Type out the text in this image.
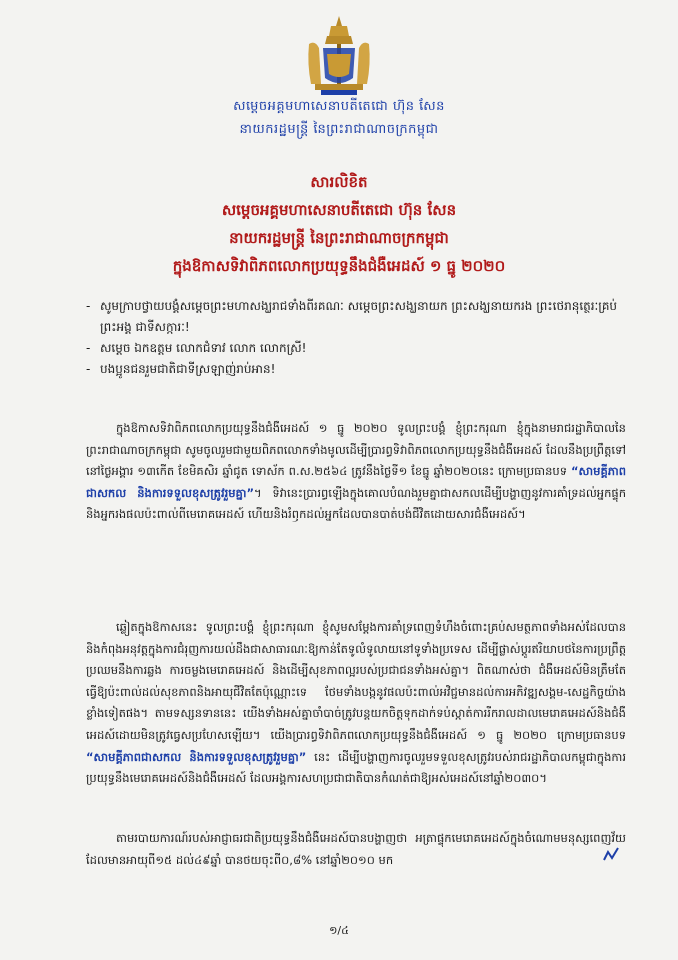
សម្តេចអគ្គមហាសេនាបតីតេជោ ហ៊ុន សែន
នាយករដ្ឋមន្ត្រី នៃព្រះរាជាណាចក្រកម្ពុជា
សារលិខិត
សម្តេចអគ្គមហាសេនាបតីតេជោ ហ៊ុន សែន
នាយករដ្ឋមន្ត្រី នៃព្រះរាជាណាចក្រកម្ពុជា
ក្នុងឱកាសទិវាពិភពលោកប្រយុទ្ធនឹងជំងឺអេដស៍ ១ ធ្នូ ២០២០
- សូមក្រាបថ្វាយបង្គំសម្តេចព្រះមហាសង្ឃរាជទាំងពីរគណៈ សម្តេចព្រះសង្ឃនាយក ព្រះសង្ឃនាយករង ព្រះថេរានុត្ថេរៈគ្រប់ព្រះអង្គ ជាទីសក្ការៈ!
- សម្តេច ឯកឧត្តម លោកជំទាវ លោក លោកស្រី!
- បងប្អូនជនរួមជាតិជាទីស្រឡាញ់រាប់អាន!

ក្នុងឱកាសទិវាពិភពលោកប្រយុទ្ធនឹងជំងឺអេដស៍ ១ ធ្នូ ២០២០ ទូលព្រះបង្គំ ខ្ញុំព្រះករុណា ខ្ញុំក្នុងនាមរាជរដ្ឋាភិបាលនៃព្រះរាជាណាចក្រកម្ពុជា សូមចូលរួមជាមួយពិភពលោកទាំងមូលដើម្បីប្រារព្ធទិវាពិភពលោកប្រយុទ្ធនឹងជំងឺអេដស៍ ដែលនឹងប្រព្រឹត្តទៅនៅថ្ងៃអង្គារ ១៣កើត ខែមិគសិរ ឆ្នាំជូត ទោស័ក ព.ស.២៥៦៤ ត្រូវនឹងថ្ងៃទី១ ខែធ្នូ ឆ្នាំ២០២០នេះ ក្រោមប្រធានបទ “សាមគ្គីភាពជាសកល និងការទទួលខុសត្រូវរួមគ្នា”។ ទិវានេះប្រារព្ធឡើងក្នុងគោលបំណងរួមគ្នាជាសកលដើម្បីបង្ហាញនូវការគាំទ្រដល់អ្នកផ្ទុកនិងអ្នករងផលប៉ះពាល់ពីមេរោគអេដស៍ ហើយនិងរំឭកដល់អ្នកដែលបានបាត់បង់ជីវិតដោយសារជំងឺអេដស៍។

ឆ្លៀតក្នុងឱកាសនេះ ទូលព្រះបង្គំ ខ្ញុំព្រះករុណា ខ្ញុំសូមសម្តែងការគាំទ្រពេញទំហឹងចំពោះគ្រប់សមត្ថភាពទាំងអស់ដែលបាននិងកំពុងអនុវត្តក្នុងការជំរុញការយល់ដឹងជាសាធារណៈឱ្យកាន់តែទូលំទូលាយនៅទូទាំងប្រទេស ដើម្បីផ្លាស់ប្តូរឥរិយាបថនៃការប្រព្រឹត្តប្រឈមនឹងការឆ្លង ការចម្លងមេរោគអេដស៍ និងដើម្បីសុខភាពល្អរបស់ប្រជាជនទាំងអស់គ្នា។ ពិតណាស់ថា ជំងឺអេដស៍មិនត្រឹមតែធ្វើឱ្យប៉ះពាល់ដល់សុខភាពនិងអាយុជីវិតតែប៉ុណ្ណោះទេ ថែមទាំងបង្កនូវផលប៉ះពាល់អវិជ្ជមានដល់ការអភិវឌ្ឍសង្គម-សេដ្ឋកិច្ចយ៉ាងខ្លាំងទៀតផង។ តាមទស្សនទាននេះ យើងទាំងអស់គ្នាចាំបាច់ត្រូវបន្តយកចិត្តទុកដាក់ទប់ស្កាត់ការរីករាលដាលមេរោគអេដស៍និងជំងឺអេដស៍ដោយមិនត្រូវធ្វេសប្រហែសឡើយ។ យើងប្រារព្ធទិវាពិភពលោកប្រយុទ្ធនឹងជំងឺអេដស៍ ១ ធ្នូ ២០២០ ក្រោមប្រធានបទ “សាមគ្គីភាពជាសកល និងការទទួលខុសត្រូវរួមគ្នា” នេះ ដើម្បីបង្ហាញការចូលរួមទទួលខុសត្រូវរបស់រាជរដ្ឋាភិបាលកម្ពុជាក្នុងការប្រយុទ្ធនឹងមេរោគអេដស៍និងជំងឺអេដស៍ ដែលអង្គការសហប្រជាជាតិបានកំណត់ជាឱ្យអស់អេដស៍នៅឆ្នាំ២០៣០។

តាមរបាយការណ៍របស់អាជ្ញាធរជាតិប្រយុទ្ធនឹងជំងឺអេដស៍បានបង្ហាញថា អត្រាផ្ទុកមេរោគអេដស៍ក្នុងចំណោមមនុស្សពេញវ័យ ដែលមានអាយុពី១៥ ដល់៤៩ឆ្នាំ បានថយចុះពី០,៨% នៅឆ្នាំ២០១០ មក

១/៤
